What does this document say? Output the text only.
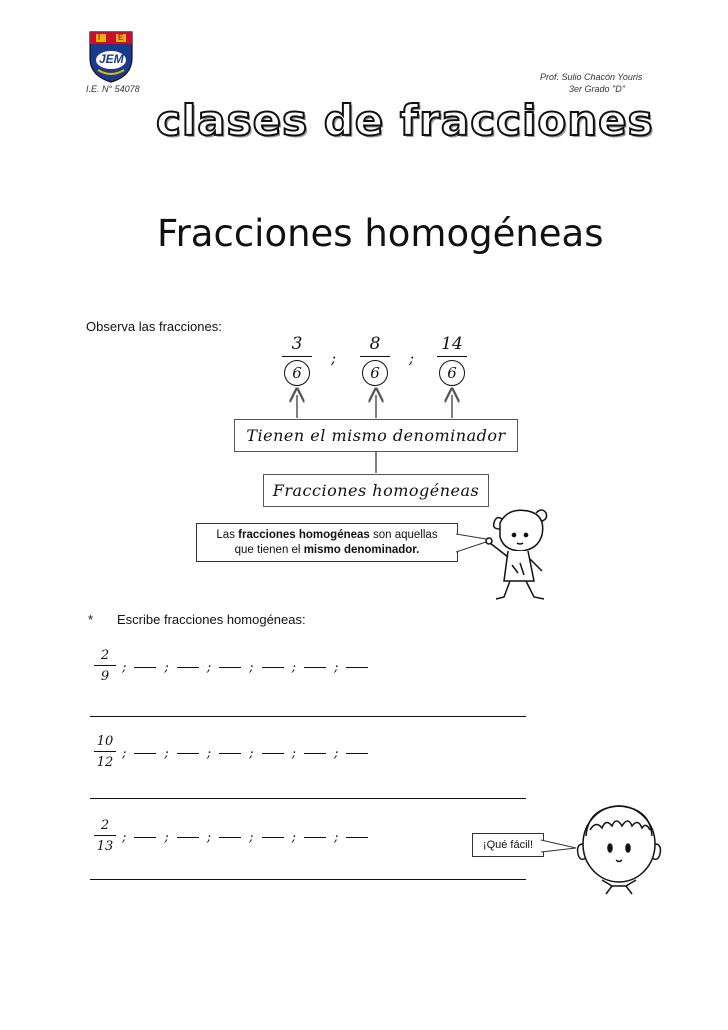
I E
JEM
I.E. N° 54078
Prof. Sulio Chacón Youris
3er Grado "D"
clases de fracciones
Fracciones homogéneas
Observa las fracciones:
3
6
;
8
6
;
14
6
Tienen el mismo denominador
Fracciones homogéneas
Las fracciones homogéneas son aquellas
que tienen el mismo denominador.
* Escribe fracciones homogéneas:
2
9
;	;	;	;	;	;
10
12
;	;	;	;	;	;
2
13
;	;	;	;	;	;	¡Qué fácil!
